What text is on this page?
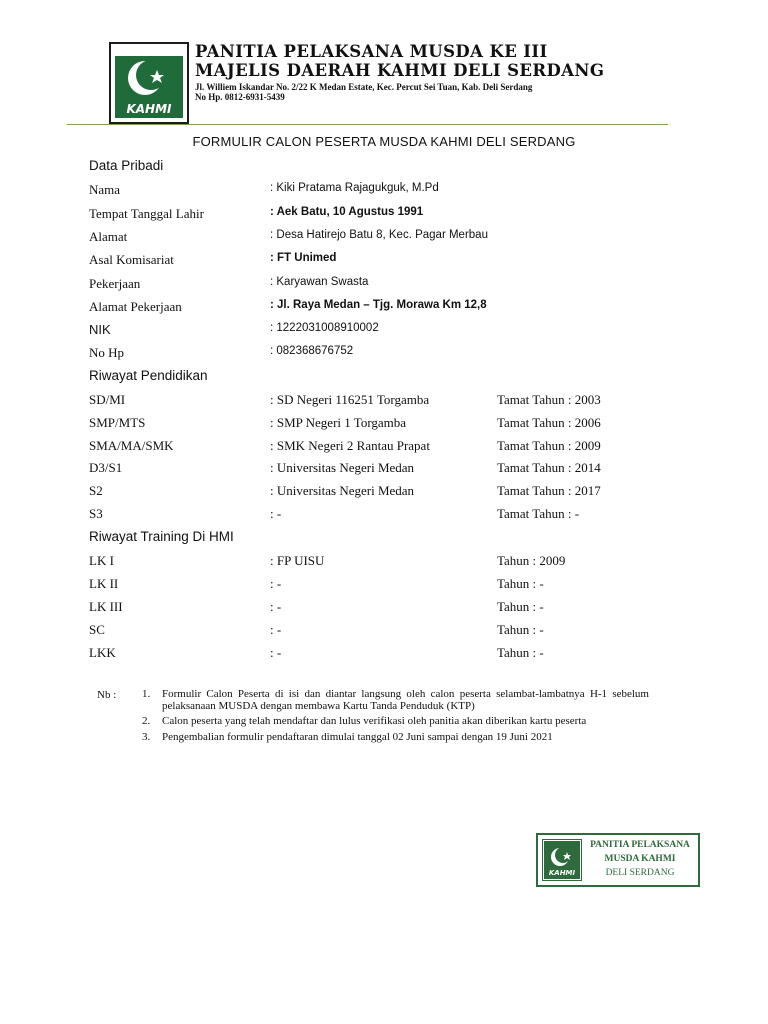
KAHMI
PANITIA PELAKSANA MUSDA KE III
MAJELIS DAERAH KAHMI DELI SERDANG
Jl. Williem Iskandar No. 2/22 K Medan Estate, Kec. Percut Sei Tuan, Kab. Deli Serdang
No Hp. 0812-6931-5439
FORMULIR CALON PESERTA MUSDA KAHMI DELI SERDANG
Data Pribadi
Nama	: Kiki Pratama Rajagukguk, M.Pd
Tempat Tanggal Lahir	: Aek Batu, 10 Agustus 1991
Alamat	: Desa Hatirejo Batu 8, Kec. Pagar Merbau
Asal Komisariat	: FT Unimed
Pekerjaan	: Karyawan Swasta
Alamat Pekerjaan	: Jl. Raya Medan – Tjg. Morawa Km 12,8
NIK	: 1222031008910002
No Hp	: 082368676752
Riwayat Pendidikan
SD/MI	: SD Negeri 116251 Torgamba	Tamat Tahun : 2003
SMP/MTS	: SMP Negeri 1 Torgamba	Tamat Tahun : 2006
SMA/MA/SMK	: SMK Negeri 2 Rantau Prapat	Tamat Tahun : 2009
D3/S1	: Universitas Negeri Medan	Tamat Tahun : 2014
S2	: Universitas Negeri Medan	Tamat Tahun : 2017
S3	: -	Tamat Tahun : -
Riwayat Training Di HMI
LK I	: FP UISU	Tahun : 2009
LK II	: -	Tahun : -
LK III	: -	Tahun : -
SC	: -	Tahun : -
LKK	: -	Tahun : -
Nb : 1. Formulir Calon Peserta di isi dan diantar langsung oleh calon peserta selambat-lambatnya H-1 sebelum pelaksanaan MUSDA dengan membawa Kartu Tanda Penduduk (KTP)
2. Calon peserta yang telah mendaftar dan lulus verifikasi oleh panitia akan diberikan kartu peserta
3. Pengembalian formulir pendaftaran dimulai tanggal 02 Juni sampai dengan 19 Juni 2021
KAHMI
PANITIA PELAKSANA
MUSDA KAHMI
DELI SERDANG
